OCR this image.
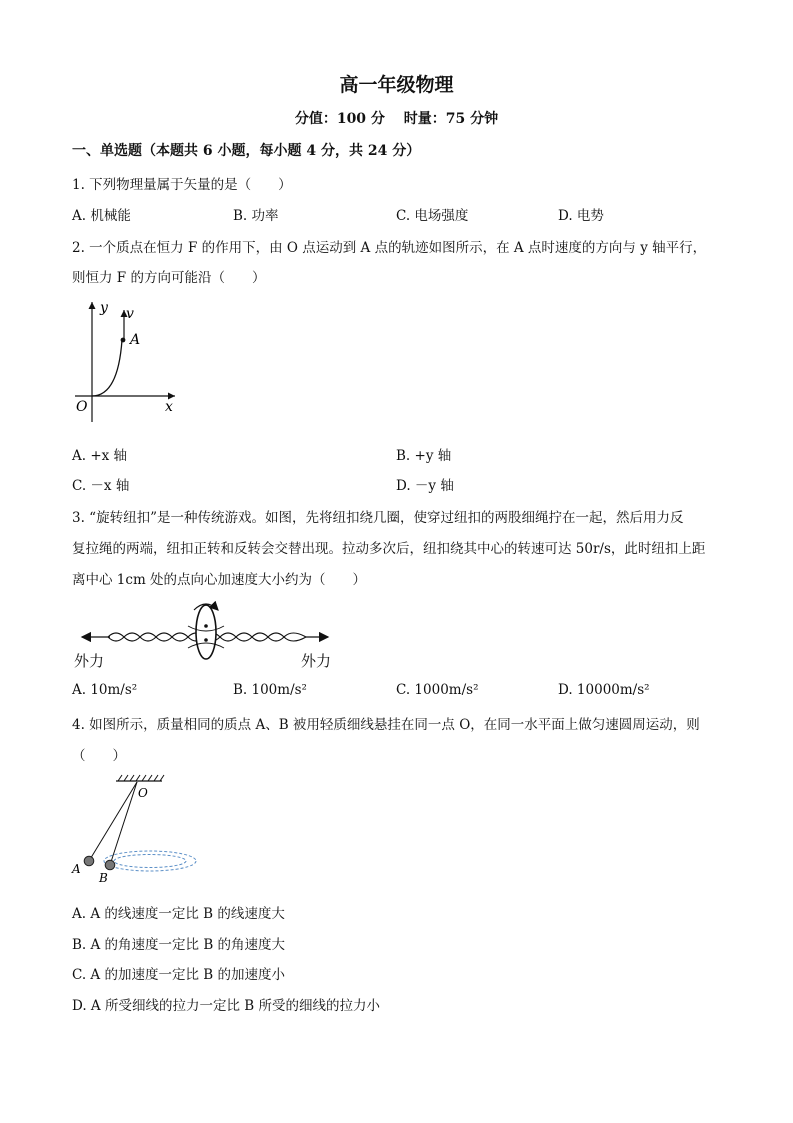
高一年级物理
分值：100 分　 时量：75 分钟
一、单选题（本题共 6 小题，每小题 4 分，共 24 分）
1. 下列物理量属于矢量的是（　　）
A. 机械能	B. 功率	C. 电场强度	D. 电势
2. 一个质点在恒力 F 的作用下，由 O 点运动到 A 点的轨迹如图所示，在 A 点时速度的方向与 y 轴平行，
则恒力 F 的方向可能沿（　　）
y v
A
O	x
A. +x 轴	B. +y 轴
C. －x 轴	D. －y 轴
3. “旋转纽扣”是一种传统游戏。如图，先将纽扣绕几圈，使穿过纽扣的两股细绳拧在一起，然后用力反
复拉绳的两端，纽扣正转和反转会交替出现。拉动多次后，纽扣绕其中心的转速可达 50r/s，此时纽扣上距
离中心 1cm 处的点向心加速度大小约为（　　）
外力	外力
A. 10m/s²	B. 100m/s²	C. 1000m/s²	D. 10000m/s²
4. 如图所示，质量相同的质点 A、B 被用轻质细线悬挂在同一点 O，在同一水平面上做匀速圆周运动，则
（　　）
O
A
B
A. A 的线速度一定比 B 的线速度大
B. A 的角速度一定比 B 的角速度大
C. A 的加速度一定比 B 的加速度小
D. A 所受细线的拉力一定比 B 所受的细线的拉力小
